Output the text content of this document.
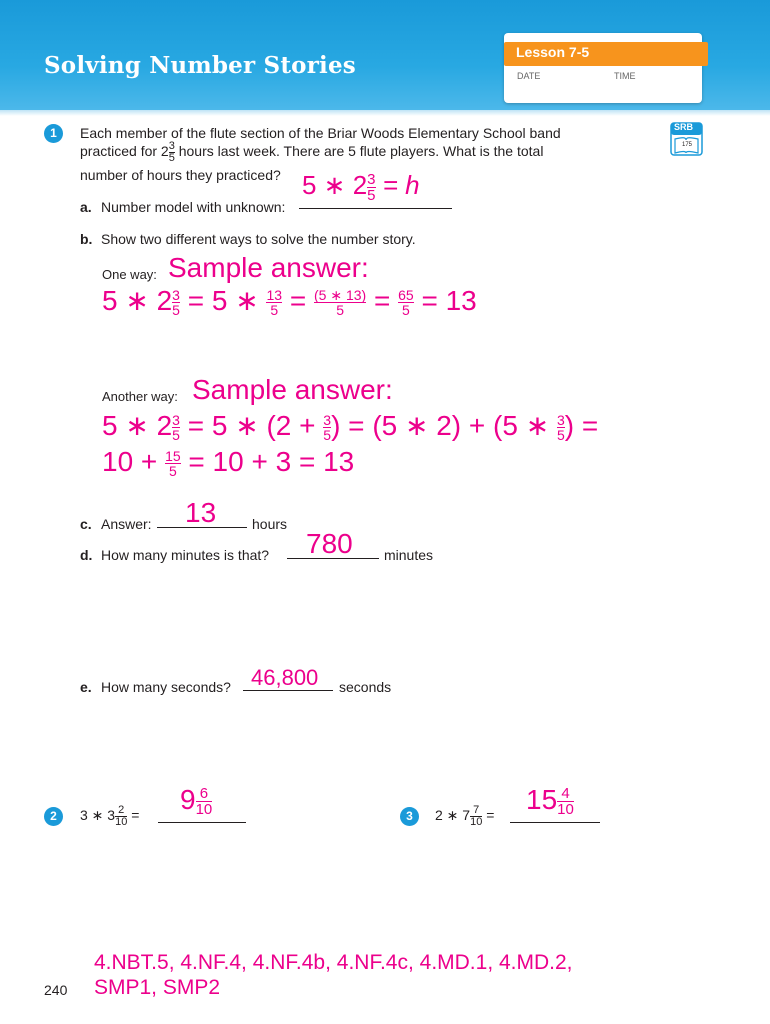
Solving Number Stories	Lesson 7-5
DATE	TIME
SRB
175
1	Each member of the flute section of the Briar Woods Elementary School band
practiced for $2 \frac{3}{5}$ hours last week. There are 5 flute players. What is the total
number of hours they practiced?
a. Number model with unknown:
5 ∗ $2 \frac{3}{5} = h$
b. Show two different ways to solve the number story.
One way: Sample answer:
5 ∗ $2 \frac{3}{5} = 5$ ∗ $\frac{13}{5} = \frac{(5 ∗ 13)}{5} = \frac{65}{5} = 13$
Another way: Sample answer:
5 ∗ $2 \frac{3}{5} = 5$ ∗ ($2 + \frac{3}{5}$ ) = (5 ∗ 2) + (5 ∗ $\frac{3}{5}$ ) =
$10 + \frac{15}{5} = 10 + 3 = 13$
c. Answer: 13	hours
d. How many minutes is that? 780 minutes
e. How many seconds? 46,800 seconds
2	3 ∗ $3 \frac{2}{10}$ =
$9 \frac{6}{10}$	3	2 ∗ $7 \frac{7}{10}$ =
$15 \frac{4}{10}$
240
4.NBT.5, 4.NF.4, 4.NF.4b, 4.NF.4c, 4.MD.1, 4.MD.2,
SMP1, SMP2
